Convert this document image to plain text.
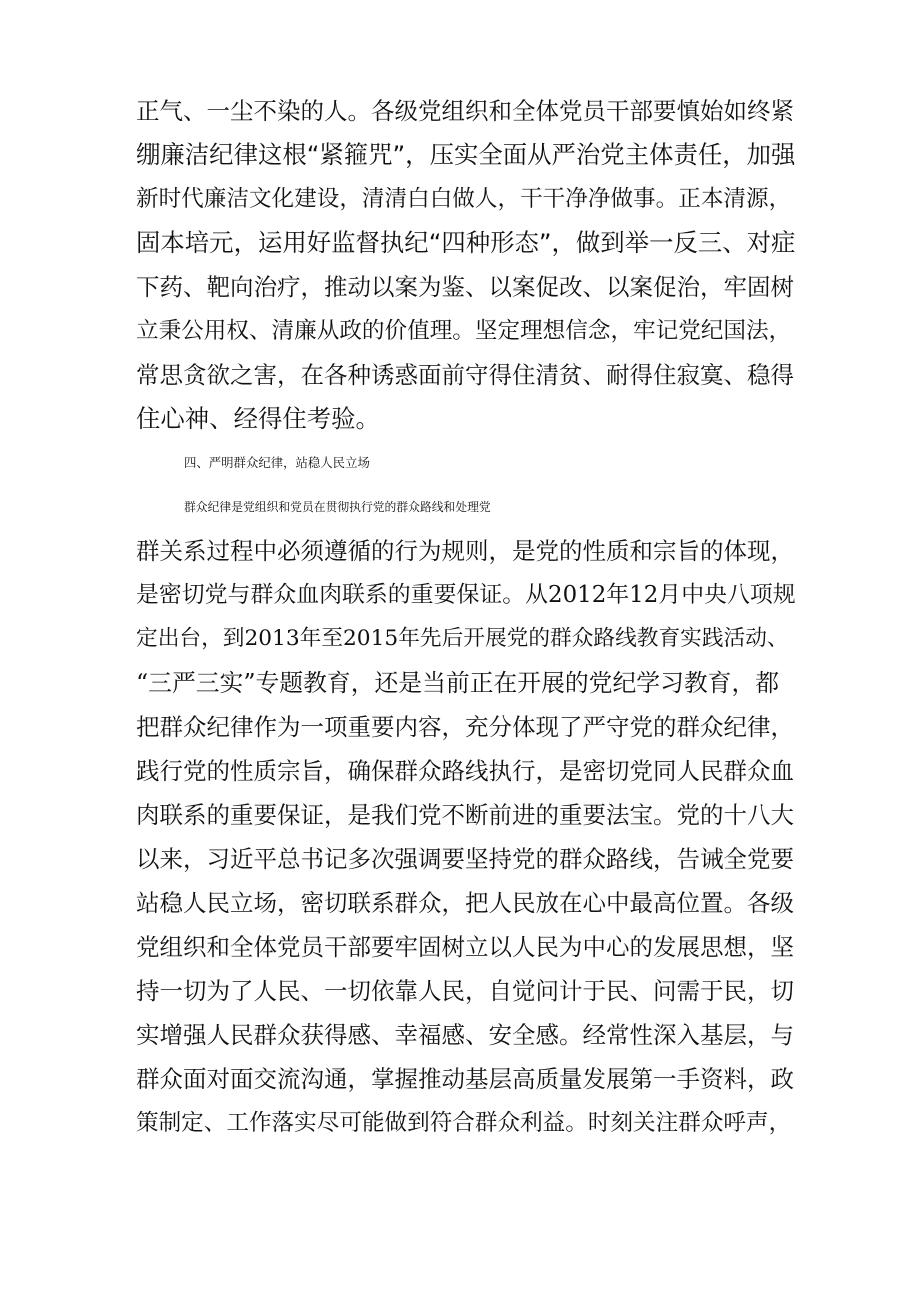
正气、一尘不染的人。各级党组织和全体党员干部要慎始如终紧

绷廉洁纪律这根“紧箍咒”，压实全面从严治党主体责任，加强

新时代廉洁文化建设，清清白白做人，干干净净做事。正本清源，

固本培元，运用好监督执纪“四种形态”，做到举一反三、对症

下药、靶向治疗，推动以案为鉴、以案促改、以案促治，牢固树

立秉公用权、清廉从政的价值理。坚定理想信念，牢记党纪国法，

常思贪欲之害，在各种诱惑面前守得住清贫、耐得住寂寞、稳得

住心神、经得住考验。

四、严明群众纪律，站稳人民立场

群众纪律是党组织和党员在贯彻执行党的群众路线和处理党

群关系过程中必须遵循的行为规则，是党的性质和宗旨的体现，

是密切党与群众血肉联系的重要保证。从2012年12月中央八项规

定出台，到2013年至2015年先后开展党的群众路线教育实践活动、

“三严三实”专题教育，还是当前正在开展的党纪学习教育，都

把群众纪律作为一项重要内容，充分体现了严守党的群众纪律，

践行党的性质宗旨，确保群众路线执行，是密切党同人民群众血

肉联系的重要保证，是我们党不断前进的重要法宝。党的十八大

以来，习近平总书记多次强调要坚持党的群众路线，告诫全党要

站稳人民立场，密切联系群众，把人民放在心中最高位置。各级

党组织和全体党员干部要牢固树立以人民为中心的发展思想，坚

持一切为了人民、一切依靠人民，自觉问计于民、问需于民，切

实增强人民群众获得感、幸福感、安全感。经常性深入基层，与

群众面对面交流沟通，掌握推动基层高质量发展第一手资料，政

策制定、工作落实尽可能做到符合群众利益。时刻关注群众呼声，
